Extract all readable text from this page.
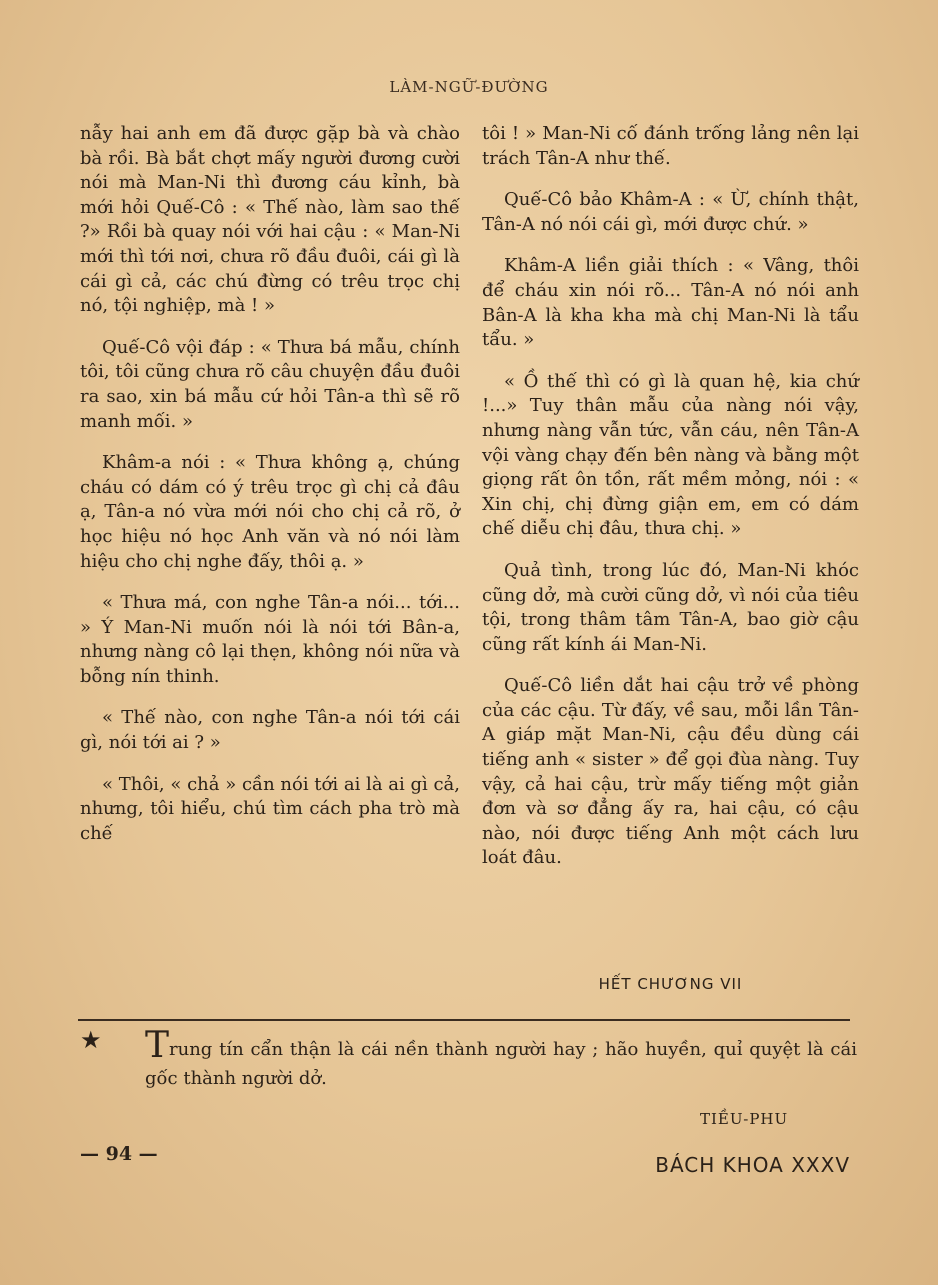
LÀM-NGỮ-ĐƯỜNG

nẫy hai anh em đã được gặp bà và chào bà rồi. Bà bắt chợt mấy người đương cười nói mà Man-Ni thì đương cáu kỉnh, bà mới hỏi Quế-Cô : « Thế nào, làm sao thế ?» Rồi bà quay nói với hai cậu : « Man-Ni mới thì tới nơi, chưa rõ đầu đuôi, cái gì là cái gì cả, các chú đừng có trêu trọc chị nó, tội nghiệp, mà ! »

Quế-Cô vội đáp : « Thưa bá mẫu, chính tôi, tôi cũng chưa rõ câu chuyện đầu đuôi ra sao, xin bá mẫu cứ hỏi Tân-a thì sẽ rõ manh mối. »

Khâm-a nói : « Thưa không ạ, chúng cháu có dám có ý trêu trọc gì chị cả đâu ạ, Tân-a nó vừa mới nói cho chị cả rõ, ở học hiệu nó học Anh văn và nó nói làm hiệu cho chị nghe đấy, thôi ạ. »

« Thưa má, con nghe Tân-a nói... tới... » Ý Man-Ni muốn nói là nói tới Bân-a, nhưng nàng cô lại thẹn, không nói nữa và bỗng nín thinh.

« Thế nào, con nghe Tân-a nói tới cái gì, nói tới ai ? »

« Thôi, « chả » cần nói tới ai là ai gì cả, nhưng, tôi hiểu, chú tìm cách pha trò mà chế

tôi ! » Man-Ni cố đánh trống lảng nên lại trách Tân-A như thế.

Quế-Cô bảo Khâm-A : « Ừ, chính thật, Tân-A nó nói cái gì, mới được chứ. »

Khâm-A liền giải thích : « Vâng, thôi để cháu xin nói rõ... Tân-A nó nói anh Bân-A là kha kha mà chị Man-Ni là tẩu tẩu. »

« Ồ thế thì có gì là quan hệ, kia chứ !...» Tuy thân mẫu của nàng nói vậy, nhưng nàng vẫn tức, vẫn cáu, nên Tân-A vội vàng chạy đến bên nàng và bằng một giọng rất ôn tồn, rất mềm mỏng, nói : « Xin chị, chị đừng giận em, em có dám chế diễu chị đâu, thưa chị. »

Quả tình, trong lúc đó, Man-Ni khóc cũng dở, mà cười cũng dở, vì nói của tiêu tội, trong thâm tâm Tân-A, bao giờ cậu cũng rất kính ái Man-Ni.

Quế-Cô liền dắt hai cậu trở về phòng của các cậu. Từ đấy, về sau, mỗi lần Tân-A giáp mặt Man-Ni, cậu đều dùng cái tiếng anh « sister » để gọi đùa nàng. Tuy vậy, cả hai cậu, trừ mấy tiếng một giản đơn và sơ đẳng ấy ra, hai cậu, có cậu nào, nói được tiếng Anh một cách lưu loát đâu.

HẾT CHƯƠNG VII
★ Trung tín cẩn thận là cái nền thành người hay ; hão huyền, quỉ quyệt là cái gốc thành người dở.
TIỀU-PHU
— 94 —	BÁCH KHOA XXXV
